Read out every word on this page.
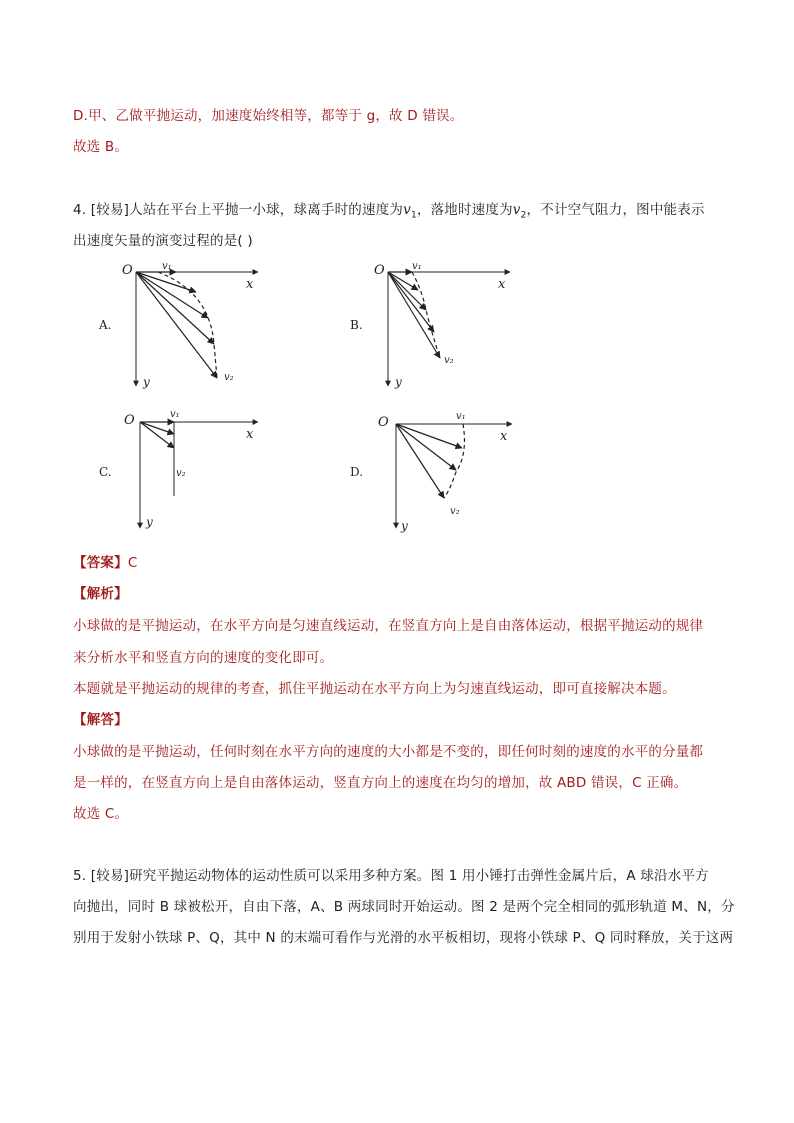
D.甲、乙做平抛运动，加速度始终相等，都等于 g，故 D 错误。
故选 B。
4. [较易]人站在平台上平抛一小球，球离手时的速度为$v_1$，落地时速度为$v_2$，不计空气阻力，图中能表示
出速度矢量的演变过程的是( )
A.	B.
C.	D.
O
x
y
v₁
v₂
O
x
y
v₁
v₂
O
x
y
v₁
v₂
O
x
y
v₁
v₂
【答案】C
【解析】
小球做的是平抛运动，在水平方向是匀速直线运动，在竖直方向上是自由落体运动，根据平抛运动的规律
来分析水平和竖直方向的速度的变化即可。
本题就是平抛运动的规律的考查，抓住平抛运动在水平方向上为匀速直线运动，即可直接解决本题。
【解答】
小球做的是平抛运动，任何时刻在水平方向的速度的大小都是不变的，即任何时刻的速度的水平的分量都
是一样的，在竖直方向上是自由落体运动，竖直方向上的速度在均匀的增加，故 ABD 错误，C 正确。
故选 C。
5. [较易]研究平抛运动物体的运动性质可以采用多种方案。图 1 用小锤打击弹性金属片后，A 球沿水平方
向抛出，同时 B 球被松开，自由下落，A、B 两球同时开始运动。图 2 是两个完全相同的弧形轨道 M、N，分
别用于发射小铁球 P、Q，其中 N 的末端可看作与光滑的水平板相切，现将小铁球 P、Q 同时释放，关于这两
